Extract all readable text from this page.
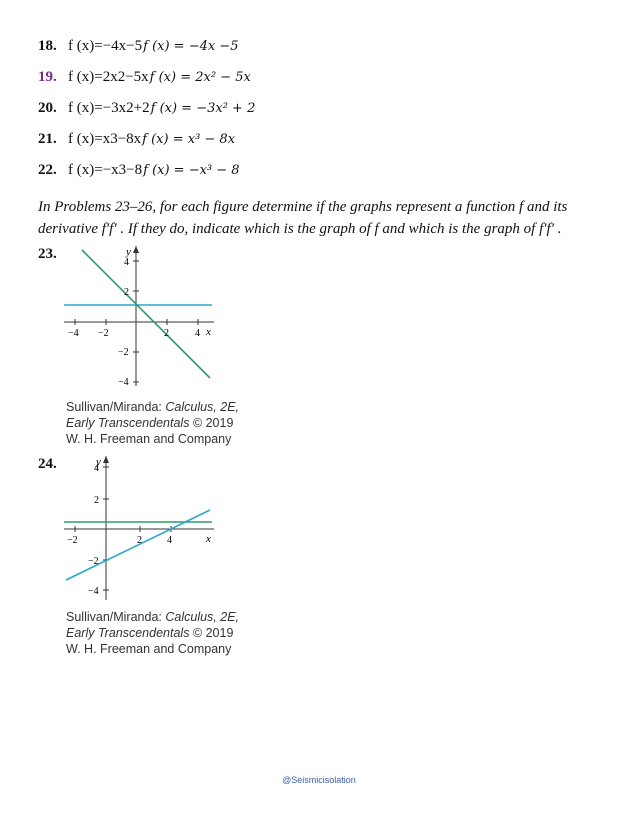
18. f (x)=−4x−5f (x) = −4x −5
19. f (x)=2x2−5xf (x) = 2x² − 5x
20. f (x)=−3x2+2f (x) = −3x² + 2
21. f (x)=x3−8xf (x) = x³ − 8x
22. f (x)=−x3−8f (x) = −x³ − 8
In Problems 23–26, for each figure determine if the graphs represent a function f and its
derivative f′f′ . If they do, indicate which is the graph of f and which is the graph of f′f′ .
23.	y
x
−4 −2	2	4
4
2
−2
−4
Sullivan/Miranda: Calculus, 2E,
Early Transcendentals © 2019
W. H. Freeman and Company
24.	y
x
−2	2	4
4
2
−2
−4
Sullivan/Miranda: Calculus, 2E,
Early Transcendentals © 2019
W. H. Freeman and Company
@Seismicisolation
